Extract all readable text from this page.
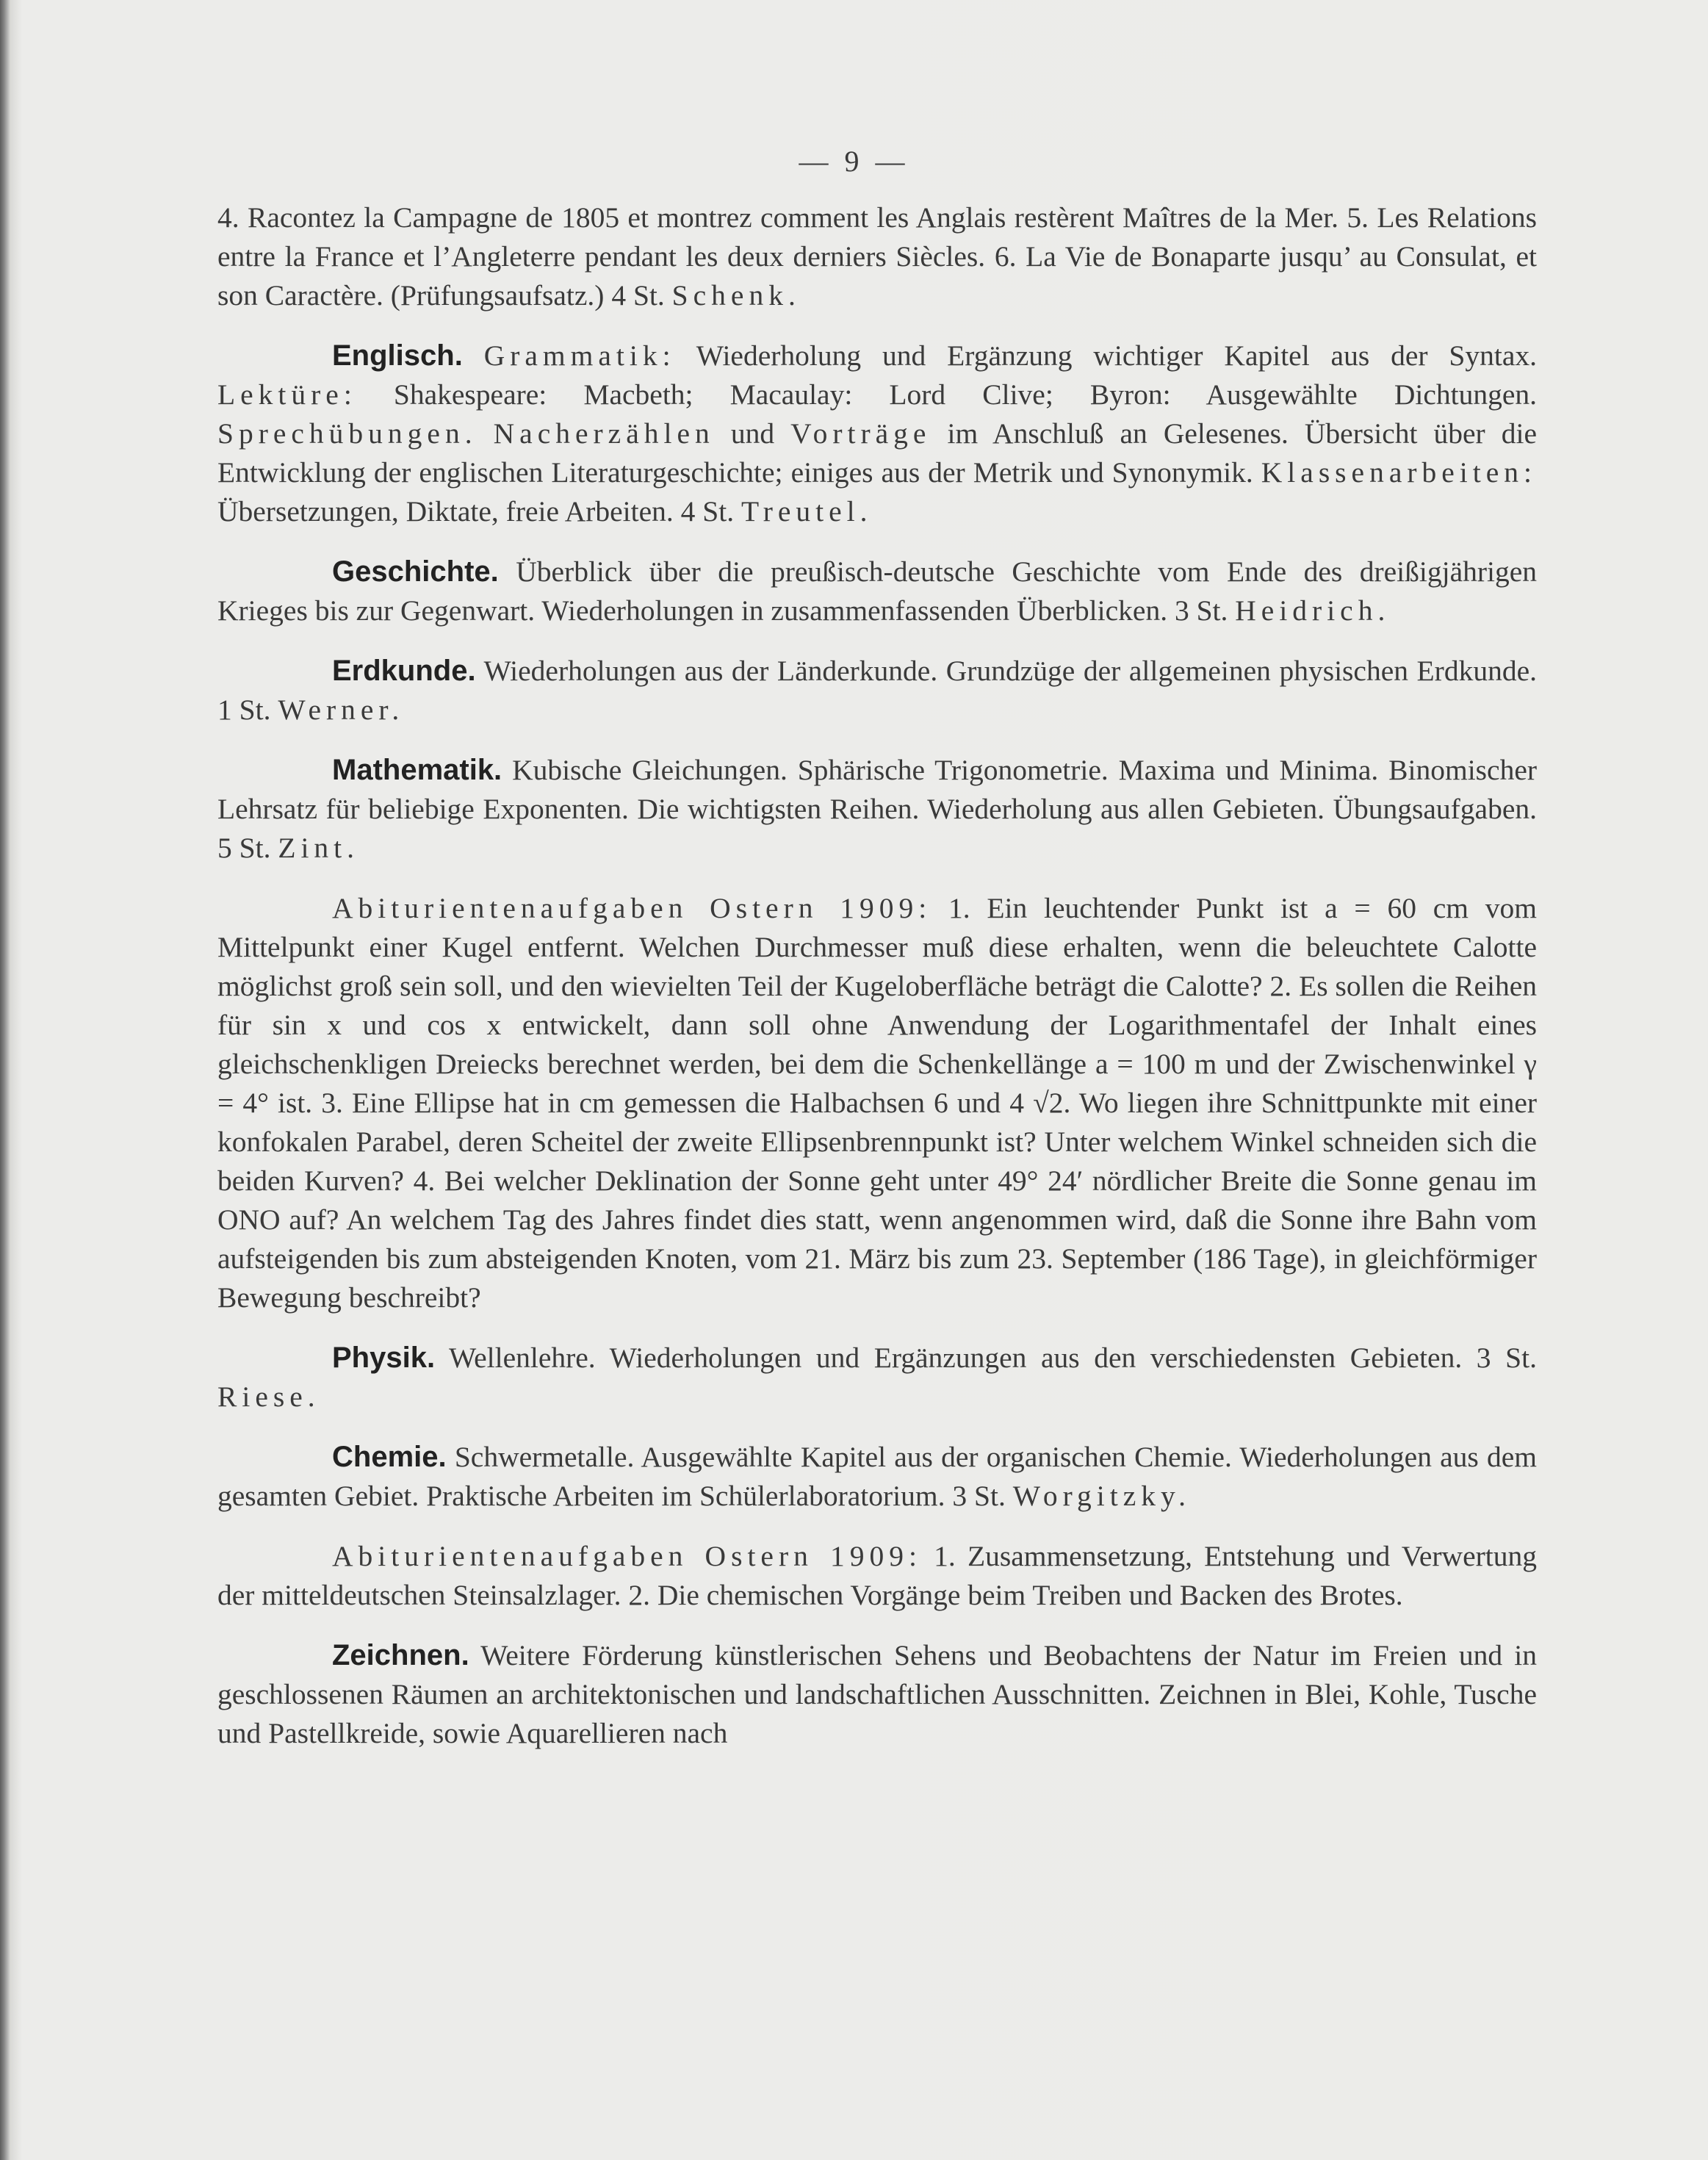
— 9 —

4. Racontez la Campagne de 1805 et montrez comment les Anglais restèrent Maîtres de la Mer. 5. Les Relations entre la France et l’Angleterre pendant les deux derniers Siècles. 6. La Vie de Bonaparte jusqu’ au Consulat, et son Caractère. (Prüfungsaufsatz.) 4 St. Schenk.

Englisch. Grammatik: Wiederholung und Ergänzung wichtiger Kapitel aus der Syntax. Lektüre: Shakespeare: Macbeth; Macaulay: Lord Clive; Byron: Ausgewählte Dichtungen. Sprechübungen. Nacherzählen und Vorträge im Anschluß an Gelesenes. Übersicht über die Entwicklung der englischen Literaturgeschichte; einiges aus der Metrik und Synonymik. Klassenarbeiten: Übersetzungen, Diktate, freie Arbeiten. 4 St. Treutel.

Geschichte. Überblick über die preußisch-deutsche Geschichte vom Ende des dreißigjährigen Krieges bis zur Gegenwart. Wiederholungen in zusammenfassenden Überblicken. 3 St. Heidrich.

Erdkunde. Wiederholungen aus der Länderkunde. Grundzüge der allgemeinen physischen Erdkunde. 1 St. Werner.

Mathematik. Kubische Gleichungen. Sphärische Trigonometrie. Maxima und Minima. Binomischer Lehrsatz für beliebige Exponenten. Die wichtigsten Reihen. Wiederholung aus allen Gebieten. Übungsaufgaben. 5 St. Zint.

Abiturientenaufgaben Ostern 1909: 1. Ein leuchtender Punkt ist a = 60 cm vom Mittelpunkt einer Kugel entfernt. Welchen Durchmesser muß diese erhalten, wenn die beleuchtete Calotte möglichst groß sein soll, und den wievielten Teil der Kugeloberfläche beträgt die Calotte? 2. Es sollen die Reihen für sin x und cos x entwickelt, dann soll ohne Anwendung der Logarithmentafel der Inhalt eines gleichschenkligen Dreiecks berechnet werden, bei dem die Schenkellänge a = 100 m und der Zwischenwinkel γ = 4° ist. 3. Eine Ellipse hat in cm gemessen die Halbachsen 6 und 4 √2. Wo liegen ihre Schnittpunkte mit einer konfokalen Parabel, deren Scheitel der zweite Ellipsenbrennpunkt ist? Unter welchem Winkel schneiden sich die beiden Kurven? 4. Bei welcher Deklination der Sonne geht unter 49° 24′ nördlicher Breite die Sonne genau im ONO auf? An welchem Tag des Jahres findet dies statt, wenn angenommen wird, daß die Sonne ihre Bahn vom aufsteigenden bis zum absteigenden Knoten, vom 21. März bis zum 23. September (186 Tage), in gleichförmiger Bewegung beschreibt?

Physik. Wellenlehre. Wiederholungen und Ergänzungen aus den verschiedensten Gebieten. 3 St. Riese.

Chemie. Schwermetalle. Ausgewählte Kapitel aus der organischen Chemie. Wiederholungen aus dem gesamten Gebiet. Praktische Arbeiten im Schülerlaboratorium. 3 St. Worgitzky.

Abiturientenaufgaben Ostern 1909: 1. Zusammensetzung, Entstehung und Verwertung der mitteldeutschen Steinsalzlager. 2. Die chemischen Vorgänge beim Treiben und Backen des Brotes.

Zeichnen. Weitere Förderung künstlerischen Sehens und Beobachtens der Natur im Freien und in geschlossenen Räumen an architektonischen und landschaftlichen Ausschnitten. Zeichnen in Blei, Kohle, Tusche und Pastellkreide, sowie Aquarellieren nach
